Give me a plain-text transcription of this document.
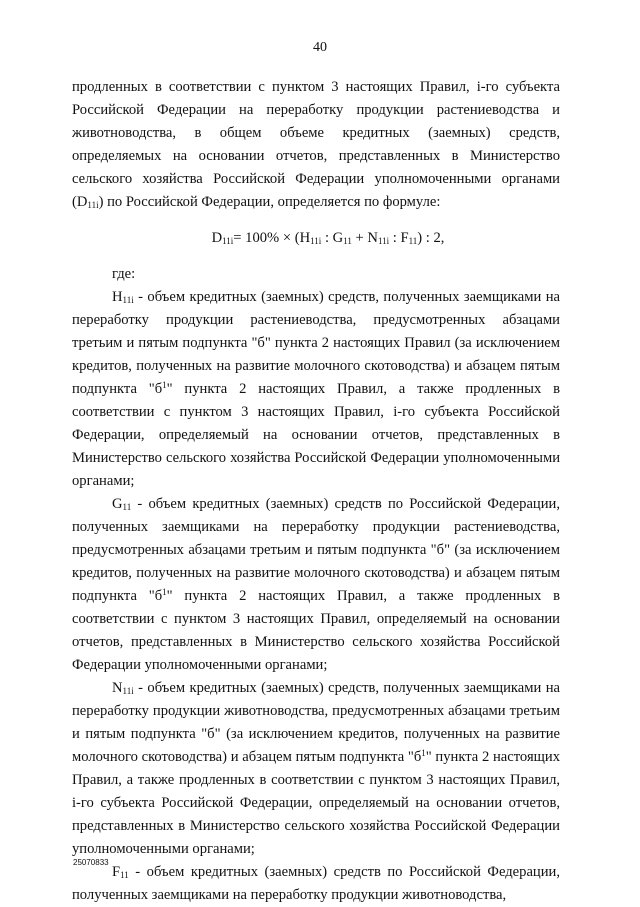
40

продленных в соответствии с пунктом 3 настоящих Правил, i-го субъекта Российской Федерации на переработку продукции растениеводства и животноводства, в общем объеме кредитных (заемных) средств, определяемых на основании отчетов, представленных в Министерство сельского хозяйства Российской Федерации уполномоченными органами $(D_{11i})$ по Российской Федерации, определяется по формуле:

$D_{11i}= 100\% \times (H_{11i}$ : $G_{11} + N_{11i}$ : $F_{11}$) : 2,

где:

$H_{11i}$ - объем кредитных (заемных) средств, полученных заемщиками на переработку продукции растениеводства, предусмотренных абзацами третьим и пятым подпункта "б" пункта 2 настоящих Правил (за исключением кредитов, полученных на развитие молочного скотоводства) и абзацем пятым подпункта "$б^1$" пункта 2 настоящих Правил, а также продленных в соответствии с пунктом 3 настоящих Правил, i-го субъекта Российской Федерации, определяемый на основании отчетов, представленных в Министерство сельского хозяйства Российской Федерации уполномоченными органами;

$G_{11}$ - объем кредитных (заемных) средств по Российской Федерации, полученных заемщиками на переработку продукции растениеводства, предусмотренных абзацами третьим и пятым подпункта "б" (за исключением кредитов, полученных на развитие молочного скотоводства) и абзацем пятым подпункта "$б^1$" пункта 2 настоящих Правил, а также продленных в соответствии с пунктом 3 настоящих Правил, определяемый на основании отчетов, представленных в Министерство сельского хозяйства Российской Федерации уполномоченными органами;

$N_{11i}$ - объем кредитных (заемных) средств, полученных заемщиками на переработку продукции животноводства, предусмотренных абзацами третьим и пятым подпункта "б" (за исключением кредитов, полученных на развитие молочного скотоводства) и абзацем пятым подпункта "$б^1$" пункта 2 настоящих Правил, а также продленных в соответствии с пунктом 3 настоящих Правил, i-го субъекта Российской Федерации, определяемый на основании отчетов, представленных в Министерство сельского хозяйства Российской Федерации уполномоченными органами;

$F_{11}$ - объем кредитных (заемных) средств по Российской Федерации, полученных заемщиками на переработку продукции животноводства,

25070833
